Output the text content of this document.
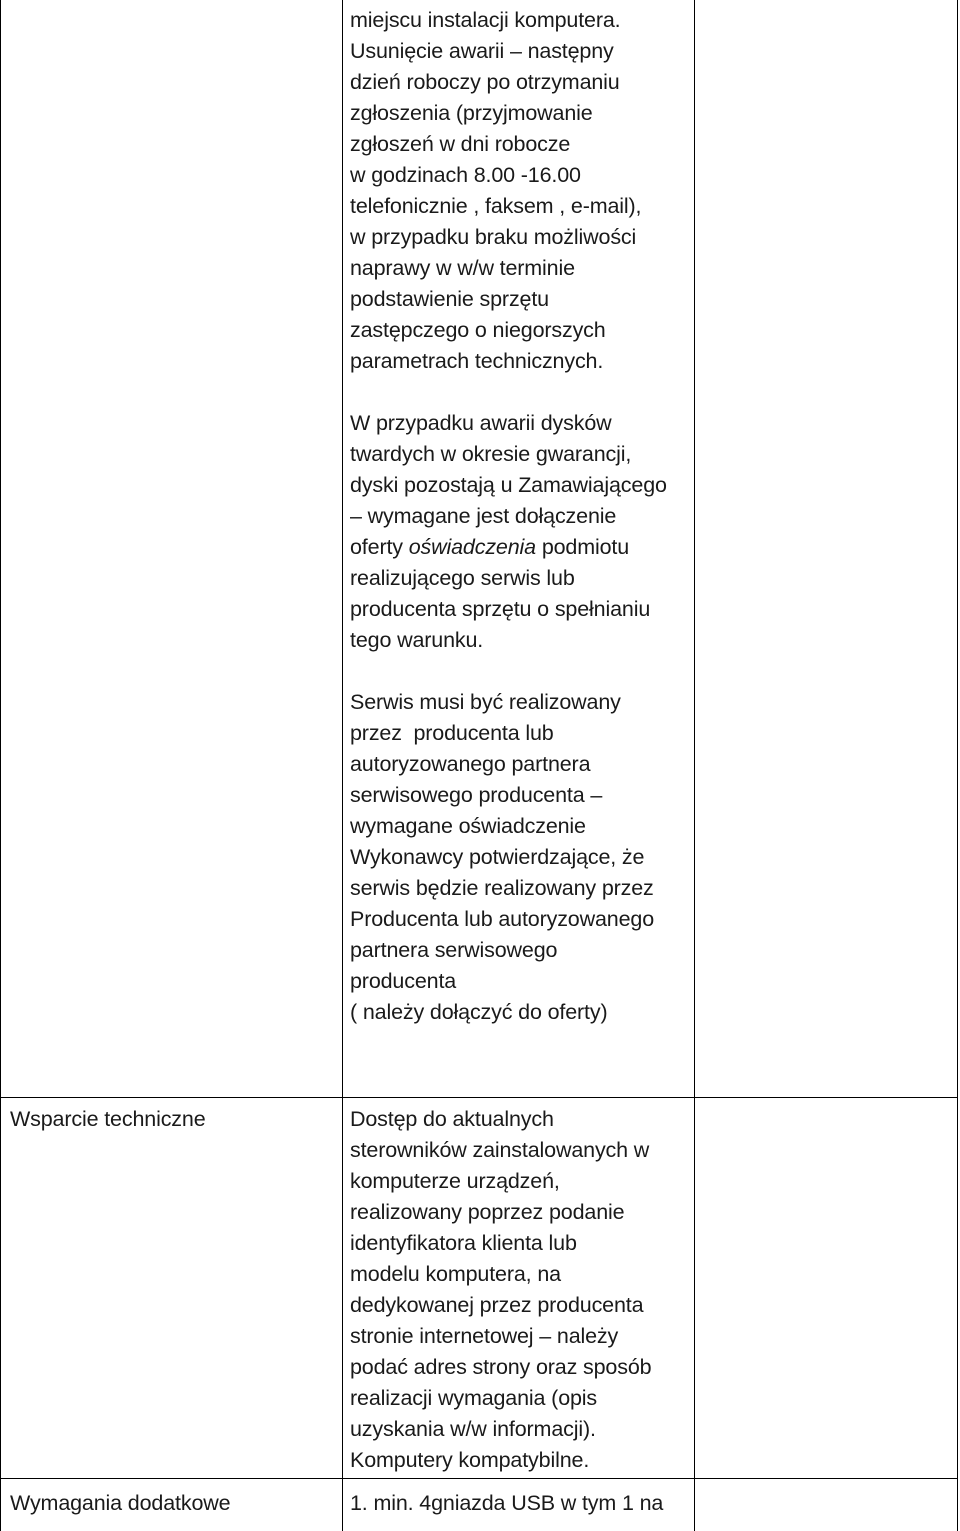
miejscu instalacji komputera.
Usunięcie awarii – następny
dzień roboczy po otrzymaniu
zgłoszenia (przyjmowanie
zgłoszeń w dni robocze
w godzinach 8.00 -16.00
telefonicznie , faksem , e-mail),
w przypadku braku możliwości
naprawy w w/w terminie
podstawienie sprzętu
zastępczego o niegorszych
parametrach technicznych.
W przypadku awarii dysków
twardych w okresie gwarancji,
dyski pozostają u Zamawiającego
– wymagane jest dołączenie
oferty oświadczenia podmiotu
realizującego serwis lub
producenta sprzętu o spełnianiu
tego warunku.
Serwis musi być realizowany
przez  producenta lub
autoryzowanego partnera
serwisowego producenta –
wymagane oświadczenie
Wykonawcy potwierdzające, że
serwis będzie realizowany przez
Producenta lub autoryzowanego
partnera serwisowego
producenta
( należy dołączyć do oferty)
Wsparcie techniczne	Dostęp do aktualnych
sterowników zainstalowanych w
komputerze urządzeń,
realizowany poprzez podanie
identyfikatora klienta lub
modelu komputera, na
dedykowanej przez producenta
stronie internetowej – należy
podać adres strony oraz sposób
realizacji wymagania (opis
uzyskania w/w informacji).
Komputery kompatybilne.
Wymagania dodatkowe	1. min. 4gniazda USB w tym 1 na
